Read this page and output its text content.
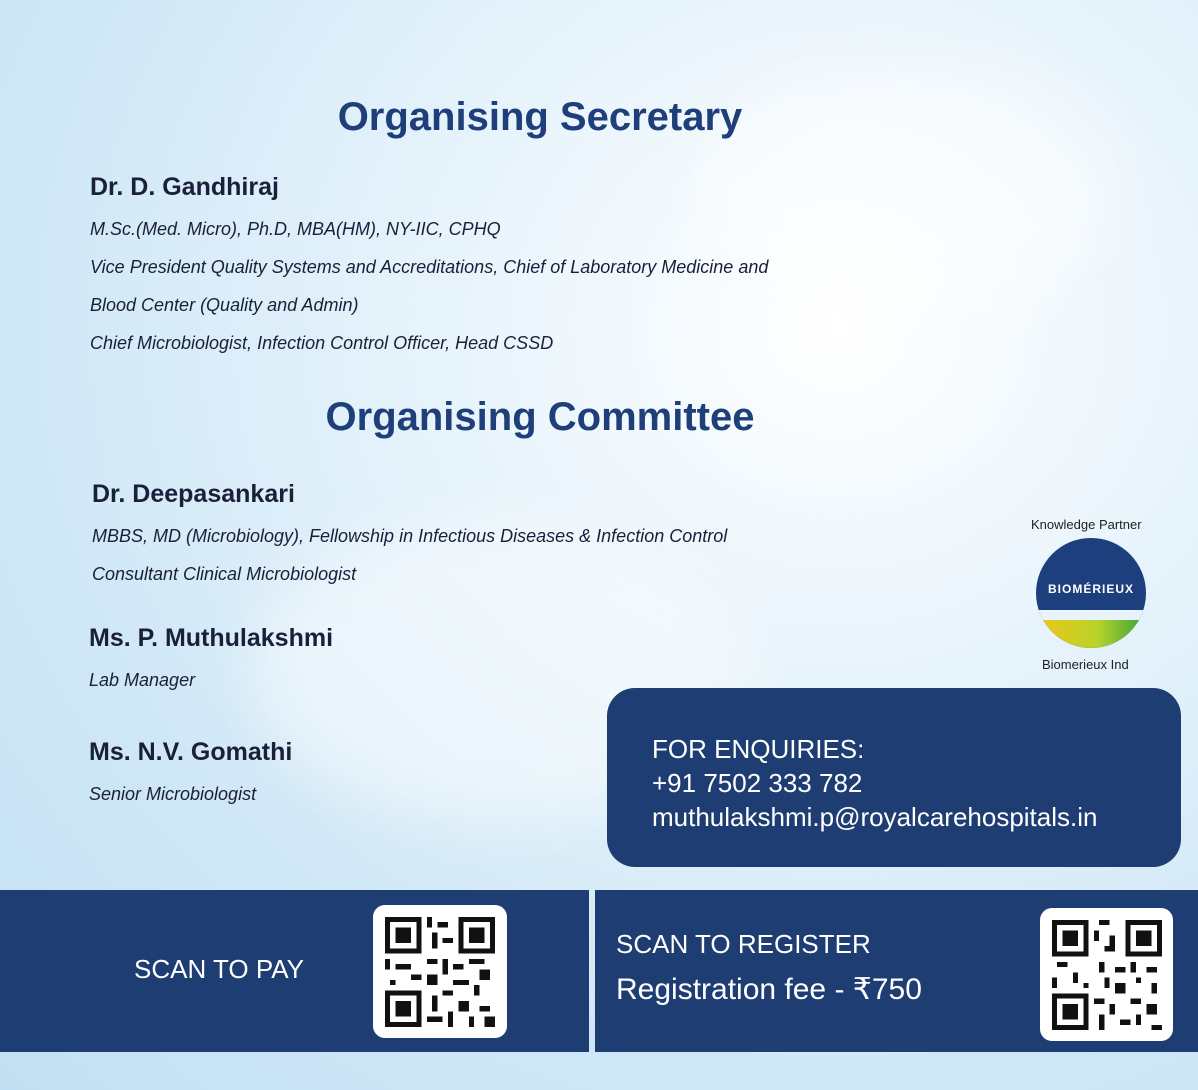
Organising Secretary
Dr. D. Gandhiraj
M.Sc.(Med. Micro), Ph.D, MBA(HM), NY-IIC, CPHQ
Vice President Quality Systems and Accreditations, Chief of Laboratory Medicine and
Blood Center (Quality and Admin)
Chief Microbiologist, Infection Control Officer, Head CSSD
Organising Committee
Dr. Deepasankari
MBBS, MD (Microbiology), Fellowship in Infectious Diseases & Infection Control
Consultant Clinical Microbiologist
Ms. P. Muthulakshmi
Lab Manager
Ms. N.V. Gomathi
Senior Microbiologist
Knowledge Partner
BIOMÉRIEUX
Biomerieux Ind
FOR ENQUIRIES:
+91 7502 333 782
muthulakshmi.p@royalcarehospitals.in
SCAN TO PAY
SCAN TO REGISTER
Registration fee - ₹750
